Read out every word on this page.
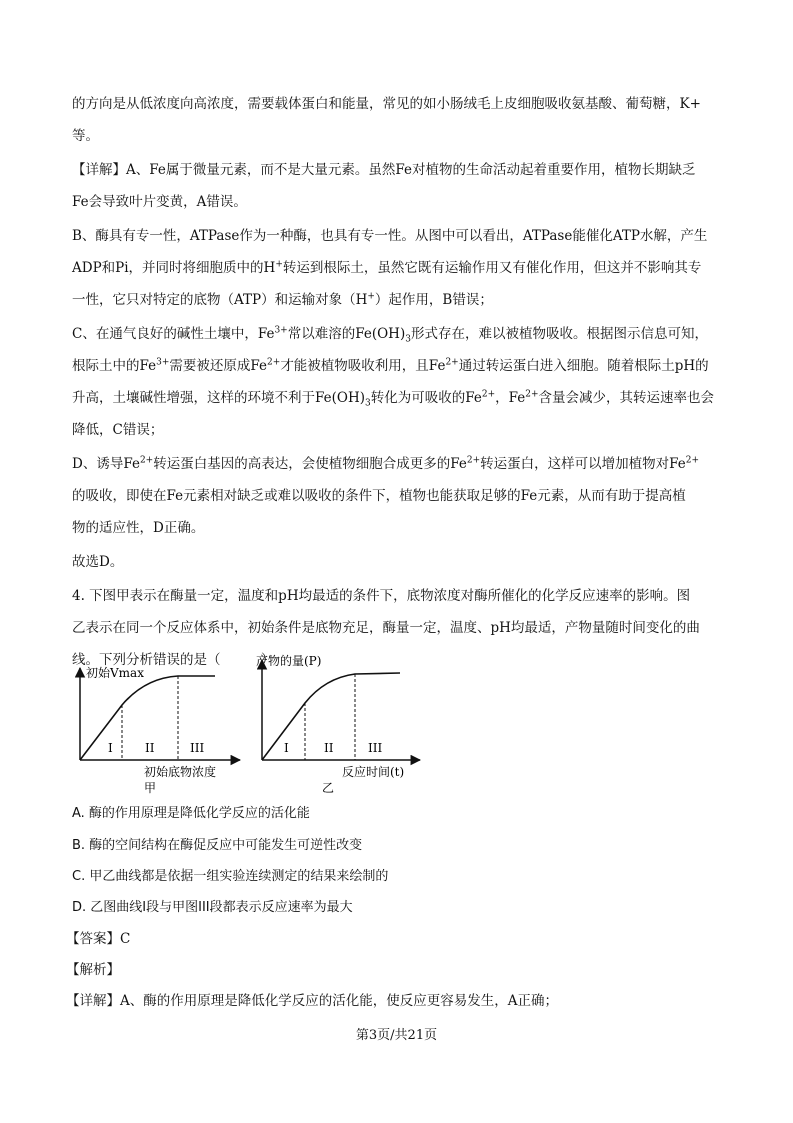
的方向是从低浓度向高浓度，需要载体蛋白和能量，常见的如小肠绒毛上皮细胞吸收氨基酸、葡萄糖，K+

等。

【详解】A、Fe属于微量元素，而不是大量元素。虽然Fe对植物的生命活动起着重要作用，植物长期缺乏

Fe会导致叶片变黄，A错误。

B、酶具有专一性，ATPase作为一种酶，也具有专一性。从图中可以看出，ATPase能催化ATP水解，产生

ADP和Pi，并同时将细胞质中的H+转运到根际土，虽然它既有运输作用又有催化作用，但这并不影响其专

一性，它只对特定的底物（ATP）和运输对象（H+）起作用，B错误；

C、在通气良好的碱性土壤中，$Fe^{3+}$常以难溶的$Fe(OH)_3$形式存在，难以被植物吸收。根据图示信息可知，

根际土中的$Fe^{3+}$需要被还原成$Fe^{2+}$才能被植物吸收利用，且$Fe^{2+}$通过转运蛋白进入细胞。随着根际土pH的

升高，土壤碱性增强，这样的环境不利于$Fe(OH)_3$转化为可吸收的$Fe^{2+}$，$Fe^{2+}$含量会减少，其转运速率也会

降低，C错误；

D、诱导$Fe^{2+}$转运蛋白基因的高表达，会使植物细胞合成更多的$Fe^{2+}$转运蛋白，这样可以增加植物对$Fe^{2+}$

的吸收，即使在Fe元素相对缺乏或难以吸收的条件下，植物也能获取足够的Fe元素，从而有助于提高植

物的适应性，D正确。

故选D。

4. 下图甲表示在酶量一定，温度和pH均最适的条件下，底物浓度对酶所催化的化学反应速率的影响。图

乙表示在同一个反应体系中，初始条件是底物充足，酶量一定，温度、pH均最适，产物量随时间变化的曲

线。下列分析错误的是（　　　）

初始Vmax
I	II	III
初始底物浓度
甲
产物的量(P)
I	II	III
反应时间(t)
乙

A. 酶的作用原理是降低化学反应的活化能

B. 酶的空间结构在酶促反应中可能发生可逆性改变

C. 甲乙曲线都是依据一组实验连续测定的结果来绘制的

D. 乙图曲线I段与甲图III段都表示反应速率为最大

【答案】C

【解析】

【详解】A、酶的作用原理是降低化学反应的活化能，使反应更容易发生，A正确；

第3页/共21页
